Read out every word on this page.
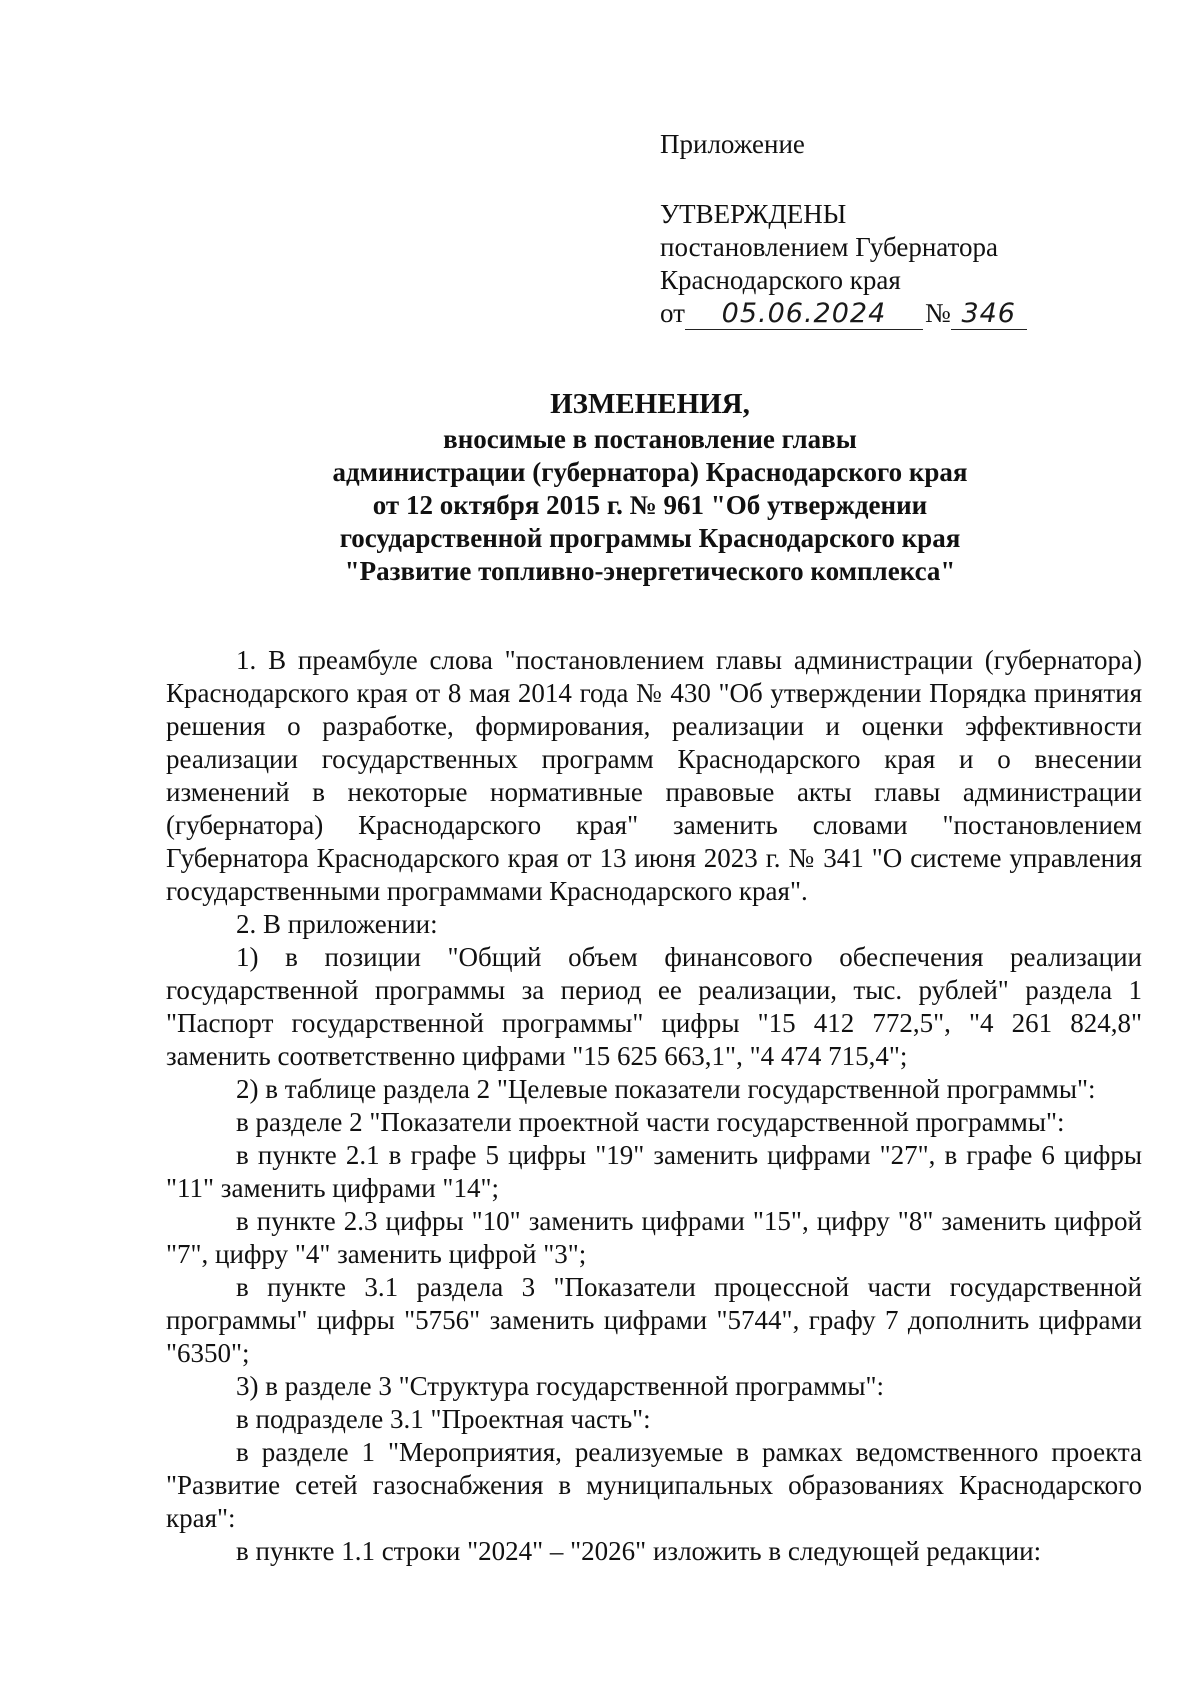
Приложение
УТВЕРЖДЕНЫ
постановлением Губернатора
Краснодарского края
от	05.06.2024	№ 346
ИЗМЕНЕНИЯ,
вносимые в постановление главы
администрации (губернатора) Краснодарского края
от 12 октября 2015 г. № 961 "Об утверждении
государственной программы Краснодарского края
"Развитие топливно-энергетического комплекса"

1. В преамбуле слова "постановлением главы администрации (губернатора) Краснодарского края от 8 мая 2014 года № 430 "Об утверждении Порядка принятия решения о разработке, формирования, реализации и оценки эффективности реализации государственных программ Краснодарского края и о внесении изменений в некоторые нормативные правовые акты главы администрации (губернатора) Краснодарского края" заменить словами "постановлением Губернатора Краснодарского края от 13 июня 2023 г. № 341 "О системе управления государственными программами Краснодарского края".

2. В приложении:

1) в позиции "Общий объем финансового обеспечения реализации государственной программы за период ее реализации, тыс. рублей" раздела 1 "Паспорт государственной программы" цифры "15 412 772,5", "4 261 824,8" заменить соответственно цифрами "15 625 663,1", "4 474 715,4";

2) в таблице раздела 2 "Целевые показатели государственной программы":

в разделе 2 "Показатели проектной части государственной программы":

в пункте 2.1 в графе 5 цифры "19" заменить цифрами "27", в графе 6 цифры "11" заменить цифрами "14";

в пункте 2.3 цифры "10" заменить цифрами "15", цифру "8" заменить цифрой "7", цифру "4" заменить цифрой "3";

в пункте 3.1 раздела 3 "Показатели процессной части государственной программы" цифры "5756" заменить цифрами "5744", графу 7 дополнить цифрами "6350";

3) в разделе 3 "Структура государственной программы":

в подразделе 3.1 "Проектная часть":

в разделе 1 "Мероприятия, реализуемые в рамках ведомственного проекта "Развитие сетей газоснабжения в муниципальных образованиях Краснодарского края":

в пункте 1.1 строки "2024" – "2026" изложить в следующей редакции:
